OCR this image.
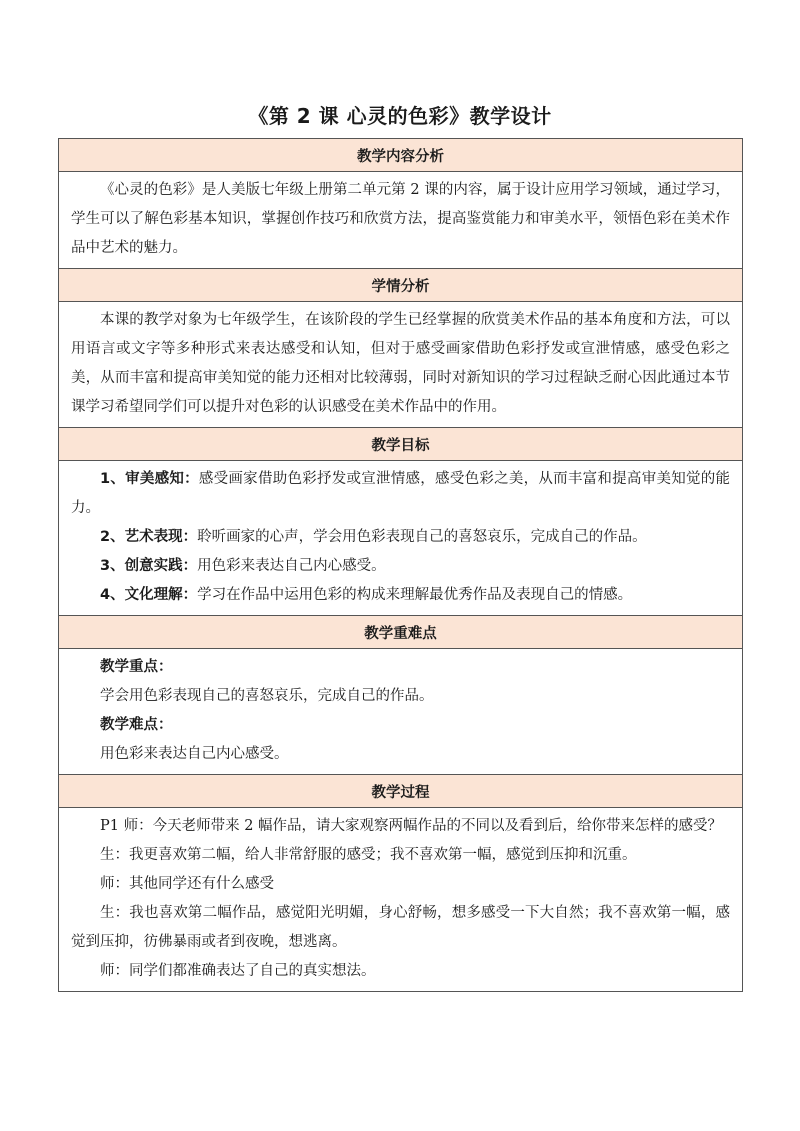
《第 2 课 心灵的色彩》教学设计
教学内容分析

《心灵的色彩》是人美版七年级上册第二单元第 2 课的内容，属于设计应用学习领域，通过学习，学生可以了解色彩基本知识，掌握创作技巧和欣赏方法，提高鉴赏能力和审美水平，领悟色彩在美术作品中艺术的魅力。

学情分析

本课的教学对象为七年级学生，在该阶段的学生已经掌握的欣赏美术作品的基本角度和方法，可以用语言或文字等多种形式来表达感受和认知，但对于感受画家借助色彩抒发或宣泄情感，感受色彩之美，从而丰富和提高审美知觉的能力还相对比较薄弱，同时对新知识的学习过程缺乏耐心因此通过本节课学习希望同学们可以提升对色彩的认识感受在美术作品中的作用。

教学目标

1、审美感知：感受画家借助色彩抒发或宣泄情感，感受色彩之美，从而丰富和提高审美知觉的能力。

2、艺术表现：聆听画家的心声，学会用色彩表现自己的喜怒哀乐，完成自己的作品。

3、创意实践：用色彩来表达自己内心感受。

4、文化理解：学习在作品中运用色彩的构成来理解最优秀作品及表现自己的情感。

教学重难点

教学重点：

学会用色彩表现自己的喜怒哀乐，完成自己的作品。

教学难点：

用色彩来表达自己内心感受。

教学过程

P1 师：今天老师带来 2 幅作品，请大家观察两幅作品的不同以及看到后，给你带来怎样的感受？

生：我更喜欢第二幅，给人非常舒服的感受；我不喜欢第一幅，感觉到压抑和沉重。

师：其他同学还有什么感受

生：我也喜欢第二幅作品，感觉阳光明媚，身心舒畅，想多感受一下大自然；我不喜欢第一幅，感觉到压抑，彷佛暴雨或者到夜晚，想逃离。

师：同学们都准确表达了自己的真实想法。
